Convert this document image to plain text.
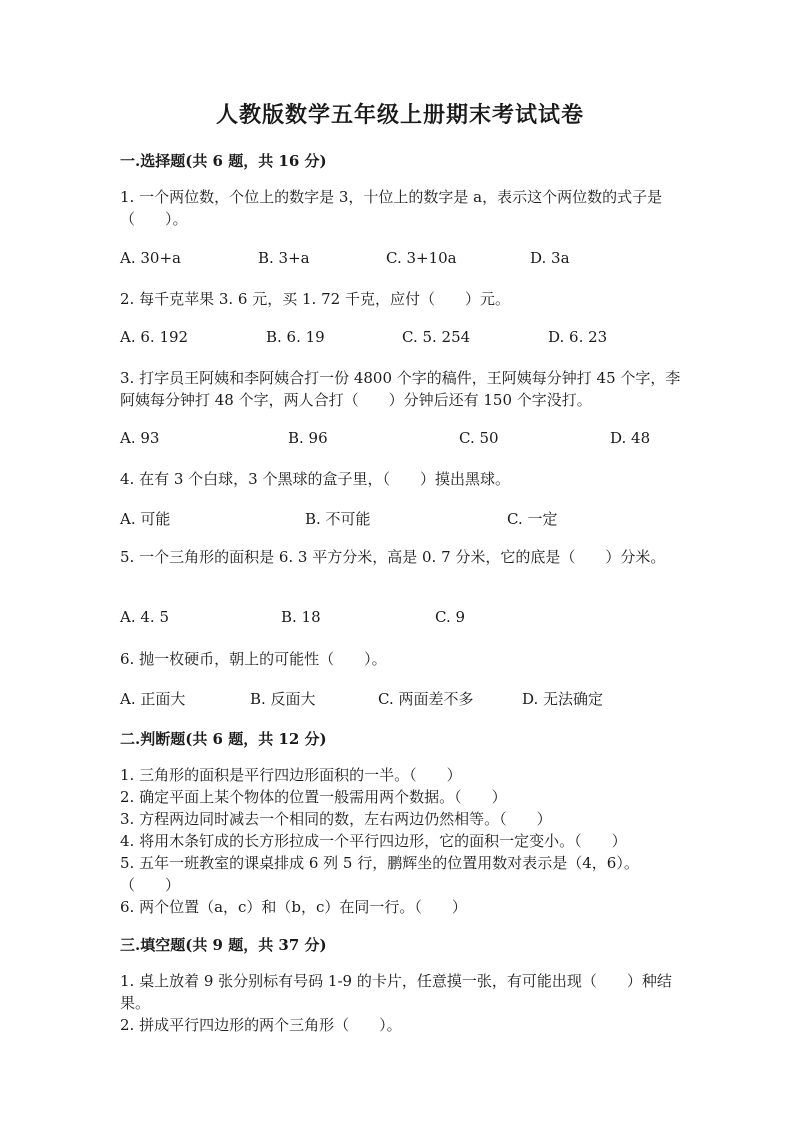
人教版数学五年级上册期末考试试卷
一.选择题(共 6 题，共 16 分)
1. 一个两位数，个位上的数字是 3，十位上的数字是 a，表示这个两位数的式子是（　　）。
A. 30+a	B. 3+a	C. 3+10a	D. 3a
2. 每千克苹果 3. 6 元，买 1. 72 千克，应付（　　）元。
A. 6. 192	B. 6. 19	C. 5. 254	D. 6. 23
3. 打字员王阿姨和李阿姨合打一份 4800 个字的稿件，王阿姨每分钟打 45 个字，李阿姨每分钟打 48 个字，两人合打（　　）分钟后还有 150 个字没打。
A. 93	B. 96	C. 50	D. 48
4. 在有 3 个白球，3 个黑球的盒子里，（　　）摸出黑球。
A. 可能	B. 不可能	C. 一定
5. 一个三角形的面积是 6. 3 平方分米，高是 0. 7 分米，它的底是（　　）分米。
A. 4. 5	B. 18	C. 9
6. 抛一枚硬币，朝上的可能性（　　）。
A. 正面大	B. 反面大	C. 两面差不多	D. 无法确定
二.判断题(共 6 题，共 12 分)
1. 三角形的面积是平行四边形面积的一半。（　　）
2. 确定平面上某个物体的位置一般需用两个数据。（　　）
3. 方程两边同时减去一个相同的数，左右两边仍然相等。（　　）
4. 将用木条钉成的长方形拉成一个平行四边形，它的面积一定变小。（　　）
5. 五年一班教室的课桌排成 6 列 5 行，鹏辉坐的位置用数对表示是（4，6）。（　　）
6. 两个位置（a，c）和（b，c）在同一行。（　　）
三.填空题(共 9 题，共 37 分)
1. 桌上放着 9 张分别标有号码 1-9 的卡片，任意摸一张，有可能出现（　　）种结果。
2. 拼成平行四边形的两个三角形（　　）。
